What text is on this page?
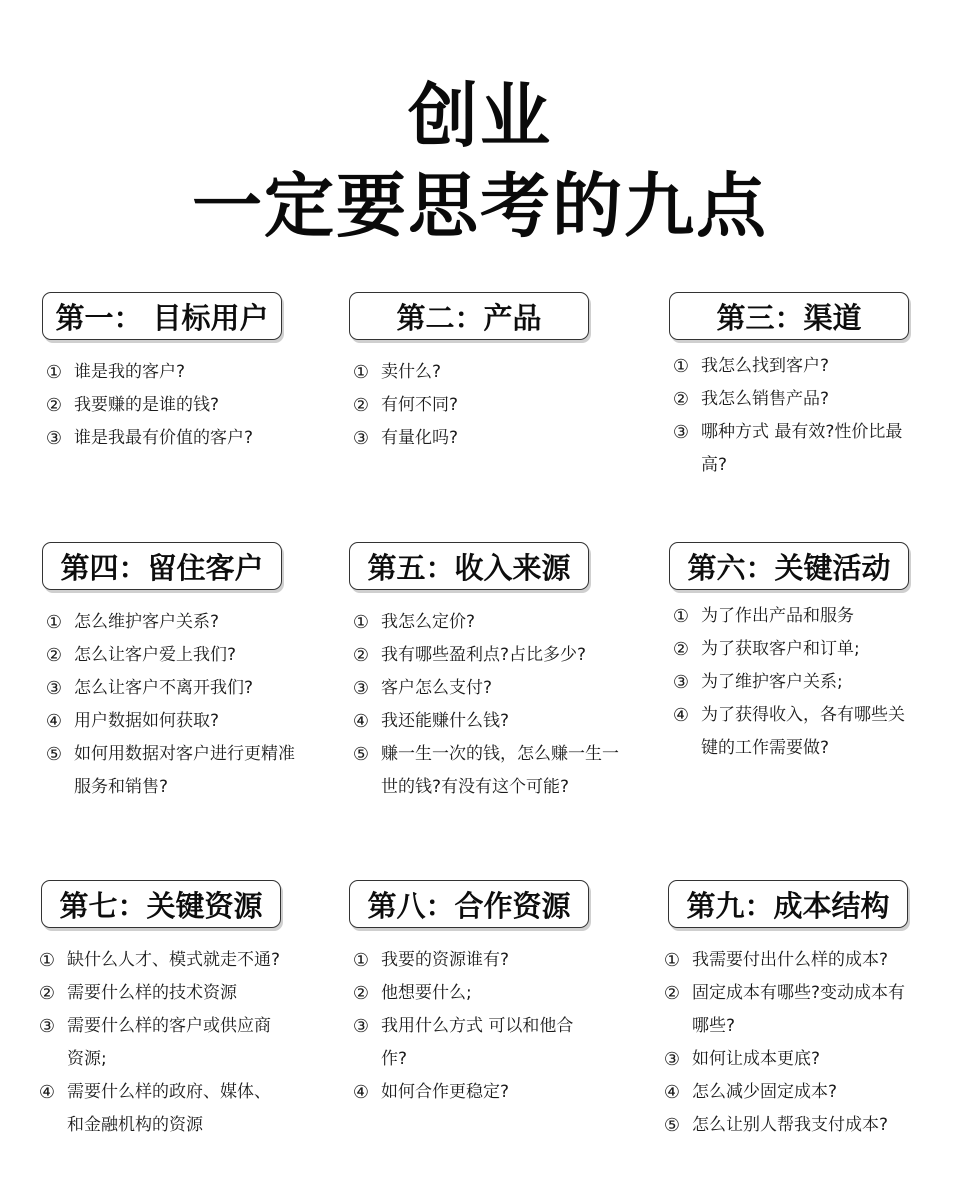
创业
一定要思考的九点
第一： 目标用户
① 谁是我的客户?
② 我要赚的是谁的钱?
③ 谁是我最有价值的客户?
第二：产品
① 卖什么?
② 有何不同?
③ 有量化吗?
第三：渠道
① 我怎么找到客户?
② 我怎么销售产品?
③ 哪种方式 最有效?性价比最高?
第四：留住客户
① 怎么维护客户关系?
② 怎么让客户爱上我们?
③ 怎么让客户不离开我们?
④ 用户数据如何获取?
⑤ 如何用数据对客户进行更精准服务和销售?
第五：收入来源
① 我怎么定价?
② 我有哪些盈利点?占比多少?
③ 客户怎么支付?
④ 我还能赚什么钱?
⑤ 赚一生一次的钱，怎么赚一生一世的钱?有没有这个可能?
第六：关键活动
① 为了作出产品和服务
② 为了获取客户和订单;
③ 为了维护客户关系;
④ 为了获得收入，各有哪些关键的工作需要做?
第七：关键资源
① 缺什么人才、模式就走不通?
② 需要什么样的技术资源
③ 需要什么样的客户或供应商资源;
④ 需要什么样的政府、媒体、和金融机构的资源
第八：合作资源
① 我要的资源谁有?
② 他想要什么;
③ 我用什么方式 可以和他合作?
④ 如何合作更稳定?
第九：成本结构
① 我需要付出什么样的成本?
② 固定成本有哪些?变动成本有哪些?
③ 如何让成本更底?
④ 怎么减少固定成本?
⑤ 怎么让别人帮我支付成本?
